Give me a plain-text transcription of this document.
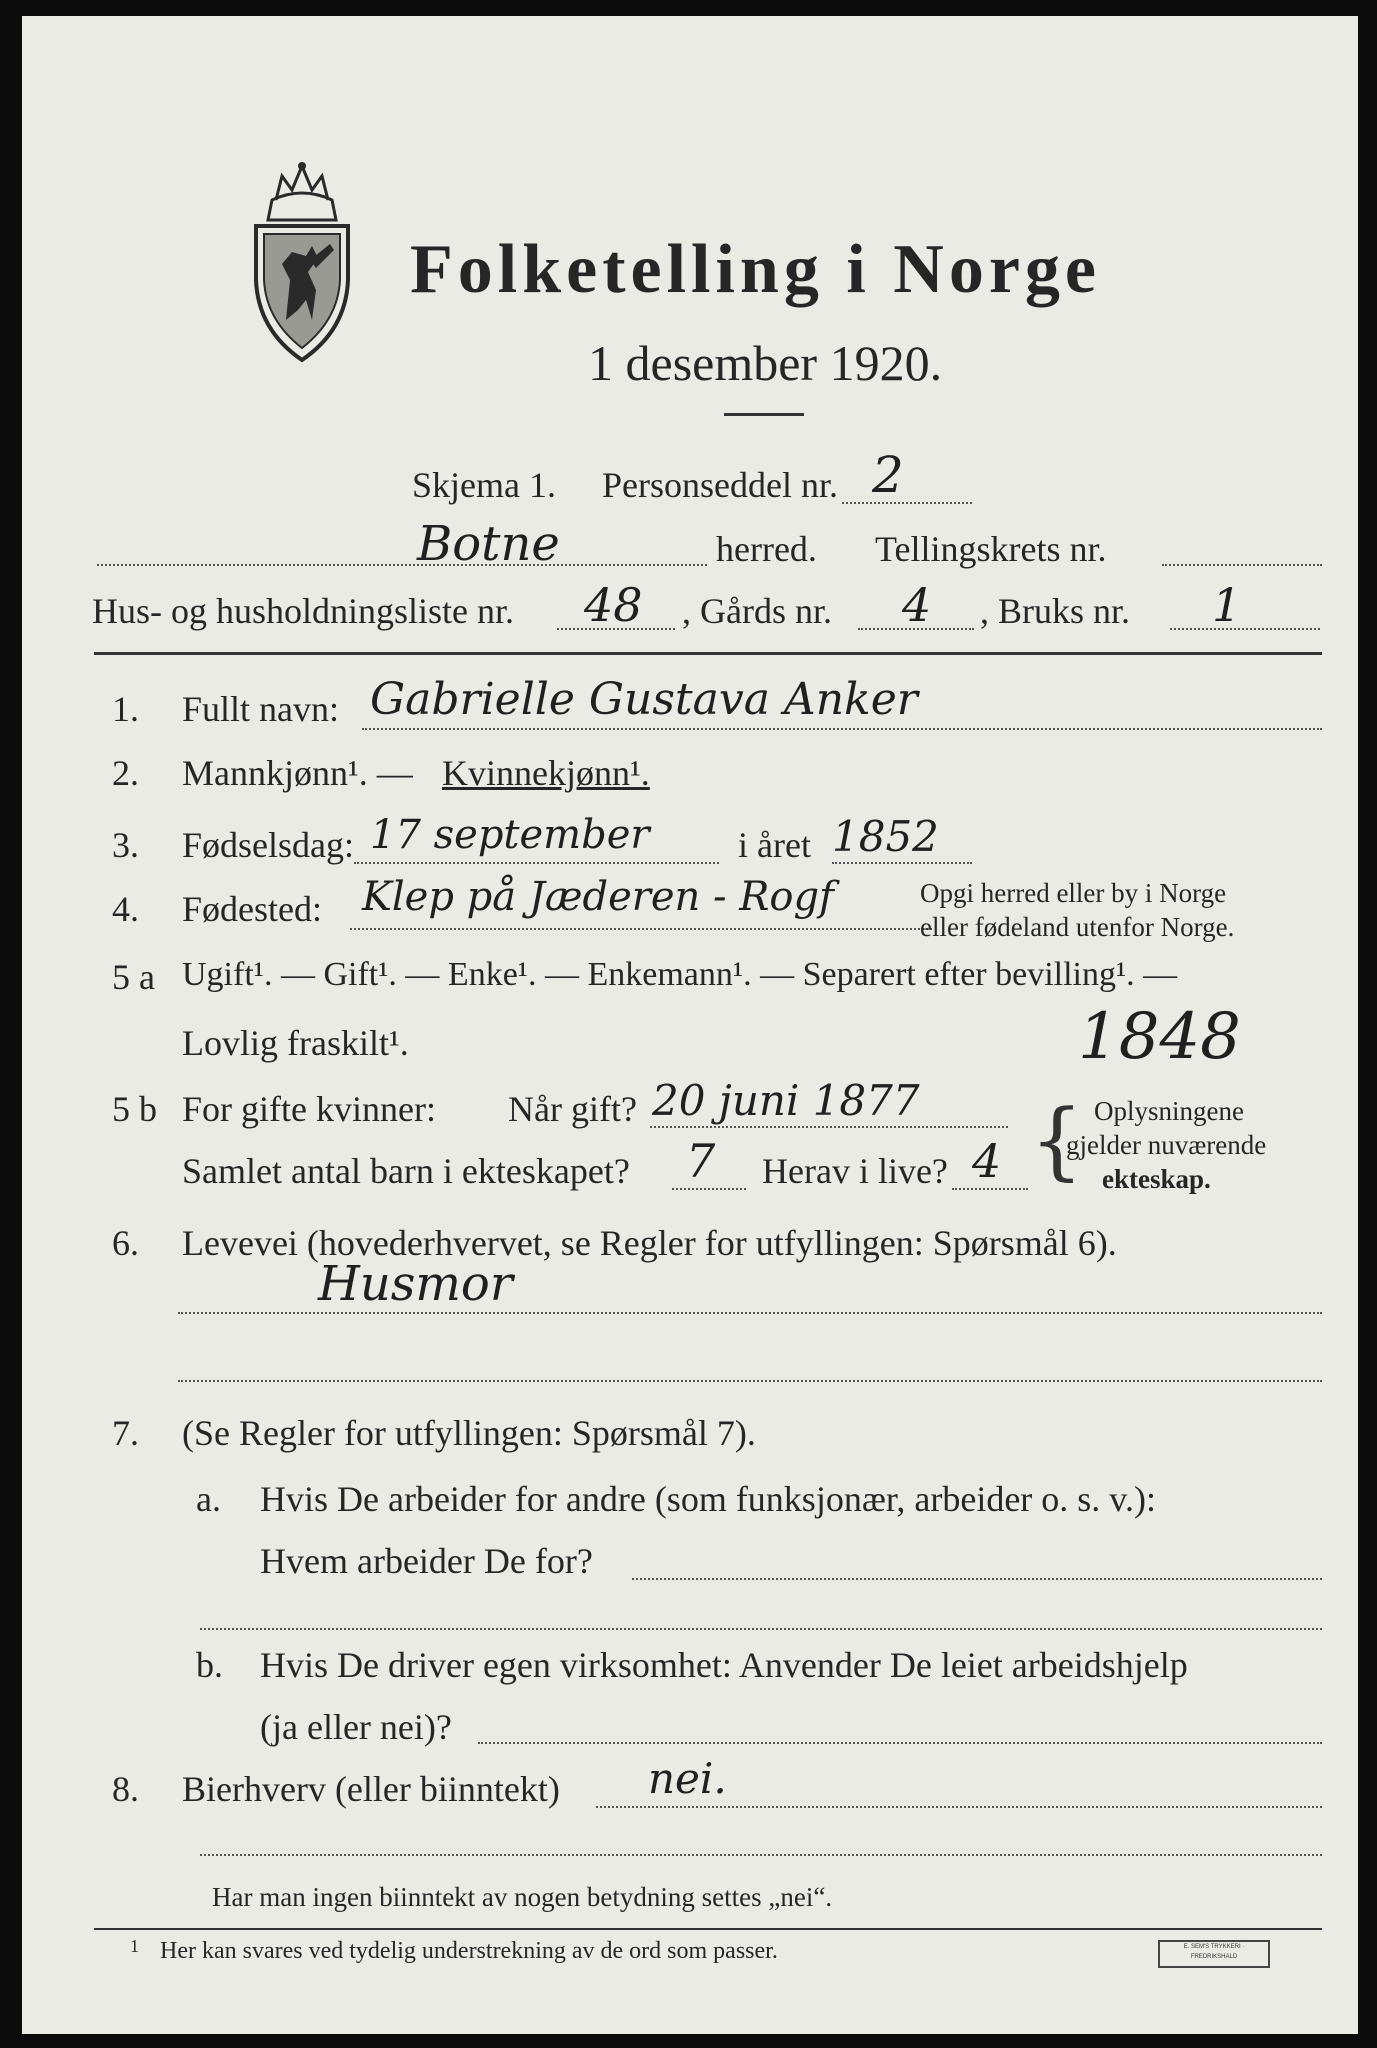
Folketelling i Norge
1 desember 1920.
Skjema 1. Personseddel nr. 2
Botne	herred. Tellingskrets nr.
Hus- og husholdningsliste nr. 48 , Gårds nr. 4 , Bruks nr. 1
1. Fullt navn: Gabrielle Gustava Anker
2. Mannkjønn¹. — Kvinnekjønn¹.
3. Fødselsdag: 17 september i året 1852
4. Fødested: Klep på Jæderen - Rogf	Opgi herred eller by i Norge
eller fødeland utenfor Norge.
5 a Ugift¹. — Gift¹. — Enke¹. — Enkemann¹. — Separert efter bevilling¹. —
Lovlig fraskilt¹.	1848
5 b For gifte kvinner: Når gift? 20 juni 1877
Samlet antal barn i ekteskapet? 7 Herav i live? 4 { Oplysningene
gjelder nuværende
ekteskap.
6. Levevei (hovederhvervet, se Regler for utfyllingen: Spørsmål 6).
Husmor
7. (Se Regler for utfyllingen: Spørsmål 7).
a. Hvis De arbeider for andre (som funksjonær, arbeider o. s. v.):
Hvem arbeider De for?
b. Hvis De driver egen virksomhet: Anvender De leiet arbeidshjelp
(ja eller nei)?
8. Bierhverv (eller biinntekt) nei.
Har man ingen biinntekt av nogen betydning settes „nei“.
1 Her kan svares ved tydelig understrekning av de ord som passer.	E. SEM'S TRYKKERI · FREDRIKSHALD
